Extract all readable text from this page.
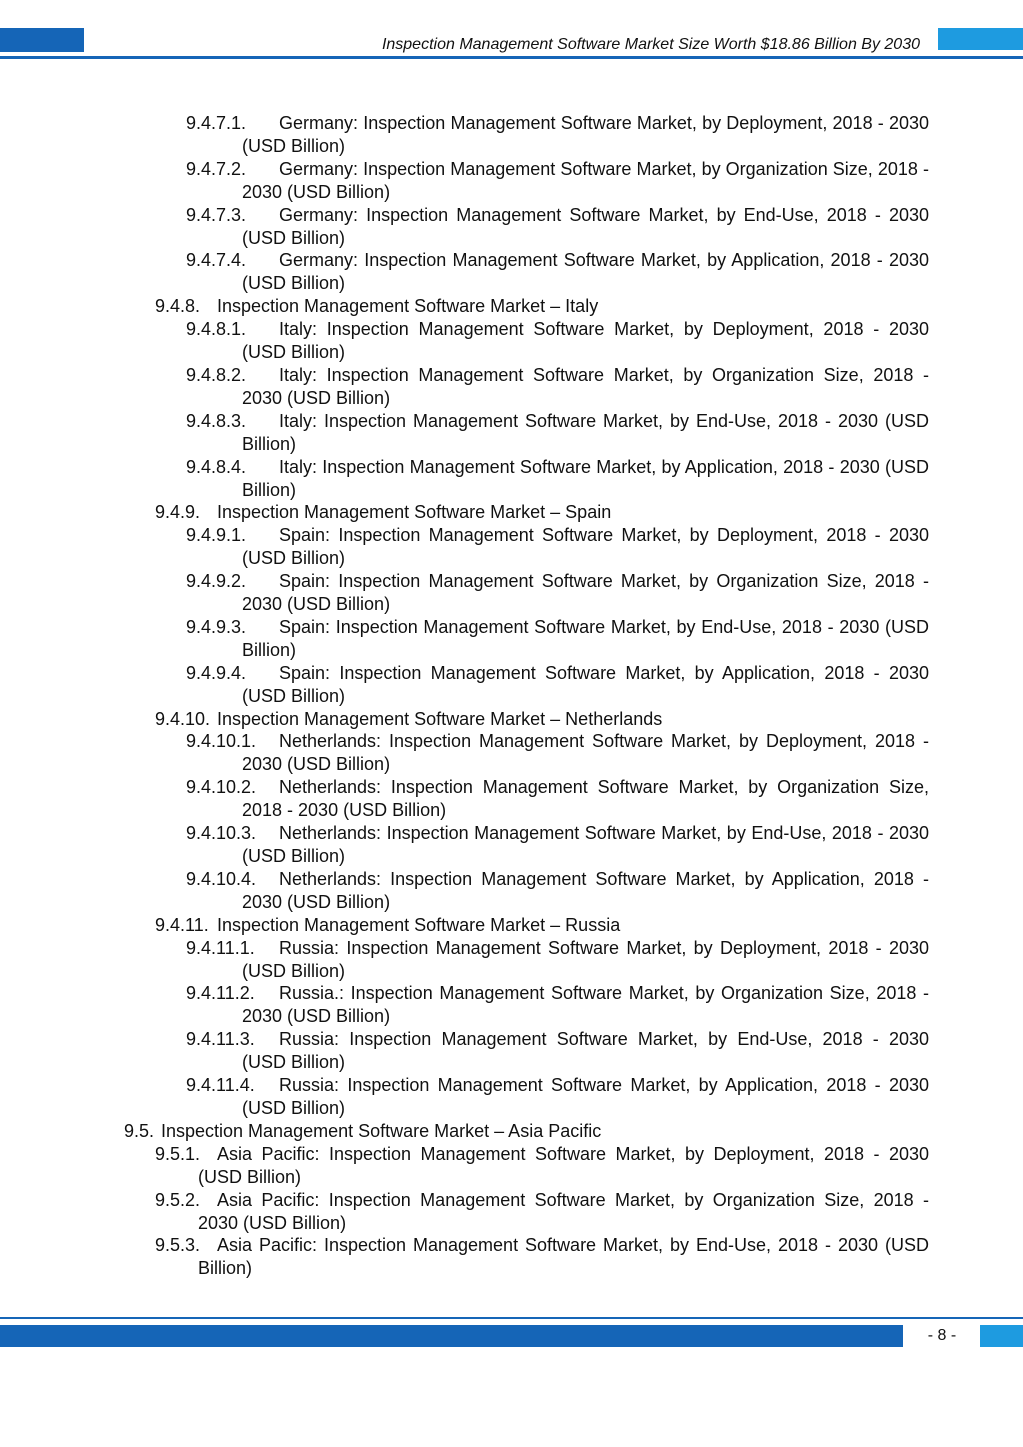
Inspection Management Software Market Size Worth $18.86 Billion By 2030
9.4.7.1.	Germany: Inspection Management Software Market, by Deployment, 2018 - 2030 (USD Billion)
9.4.7.2.	Germany: Inspection Management Software Market, by Organization Size, 2018 - 2030 (USD Billion)
9.4.7.3.	Germany: Inspection Management Software Market, by End-Use, 2018 - 2030 (USD Billion)
9.4.7.4.	Germany: Inspection Management Software Market, by Application, 2018 - 2030 (USD Billion)
9.4.8. Inspection Management Software Market – Italy
9.4.8.1.	Italy: Inspection Management Software Market, by Deployment, 2018 - 2030 (USD Billion)
9.4.8.2.	Italy: Inspection Management Software Market, by Organization Size, 2018 - 2030 (USD Billion)
9.4.8.3.	Italy: Inspection Management Software Market, by End-Use, 2018 - 2030 (USD Billion)
9.4.8.4.	Italy: Inspection Management Software Market, by Application, 2018 - 2030 (USD Billion)
9.4.9. Inspection Management Software Market – Spain
9.4.9.1.	Spain: Inspection Management Software Market, by Deployment, 2018 - 2030 (USD Billion)
9.4.9.2.	Spain: Inspection Management Software Market, by Organization Size, 2018 - 2030 (USD Billion)
9.4.9.3.	Spain: Inspection Management Software Market, by End-Use, 2018 - 2030 (USD Billion)
9.4.9.4.	Spain: Inspection Management Software Market, by Application, 2018 - 2030 (USD Billion)
9.4.10. Inspection Management Software Market – Netherlands
9.4.10.1.	Netherlands: Inspection Management Software Market, by Deployment, 2018 - 2030 (USD Billion)
9.4.10.2.	Netherlands: Inspection Management Software Market, by Organization Size, 2018 - 2030 (USD Billion)
9.4.10.3.	Netherlands: Inspection Management Software Market, by End-Use, 2018 - 2030 (USD Billion)
9.4.10.4.	Netherlands: Inspection Management Software Market, by Application, 2018 - 2030 (USD Billion)
9.4.11. Inspection Management Software Market – Russia
9.4.11.1.	Russia: Inspection Management Software Market, by Deployment, 2018 - 2030 (USD Billion)
9.4.11.2.	Russia.: Inspection Management Software Market, by Organization Size, 2018 - 2030 (USD Billion)
9.4.11.3.	Russia: Inspection Management Software Market, by End-Use, 2018 - 2030 (USD Billion)
9.4.11.4.	Russia: Inspection Management Software Market, by Application, 2018 - 2030 (USD Billion)
9.5. Inspection Management Software Market – Asia Pacific
9.5.1. Asia Pacific: Inspection Management Software Market, by Deployment, 2018 - 2030 (USD Billion)
9.5.2. Asia Pacific: Inspection Management Software Market, by Organization Size, 2018 - 2030 (USD Billion)
9.5.3. Asia Pacific: Inspection Management Software Market, by End-Use, 2018 - 2030 (USD Billion)
- 8 -
